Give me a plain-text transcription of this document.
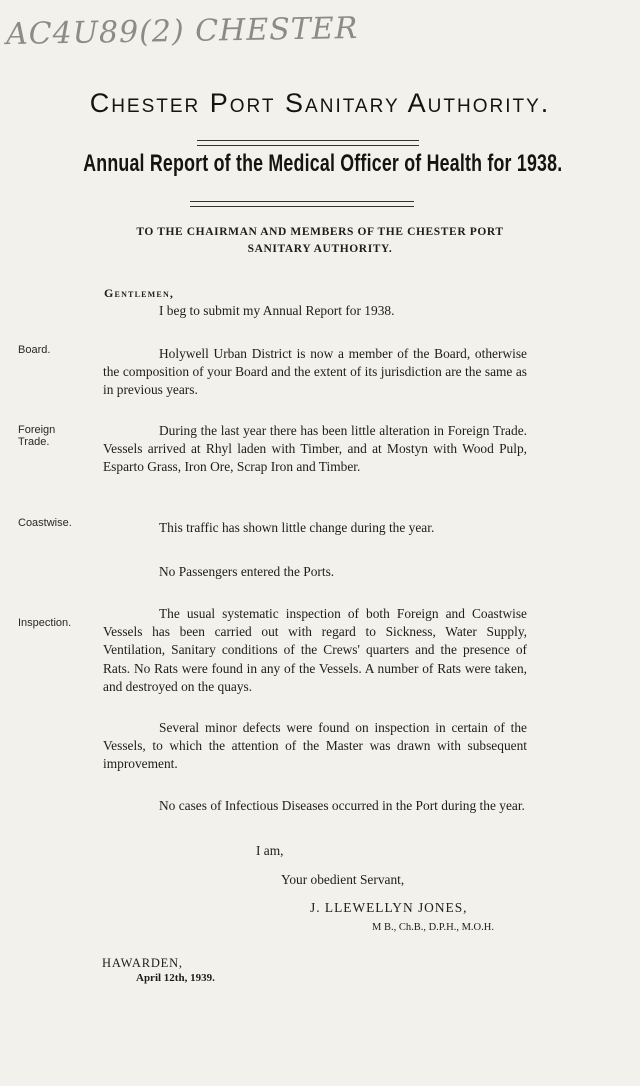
AC4U89(2) CHESTER
Chester Port Sanitary Authority.
Annual Report of the Medical Officer of Health for 1938.
TO THE CHAIRMAN AND MEMBERS OF THE CHESTER PORT
SANITARY AUTHORITY.
Gentlemen,
I beg to submit my Annual Report for 1938.
Board.	Holywell Urban District is now a member of the Board, otherwise the composition of your Board and the extent of its jurisdiction are the same as in previous years.
Foreign Trade.
During the last year there has been little alteration in Foreign Trade. Vessels arrived at Rhyl laden with Timber, and at Mostyn with Wood Pulp, Esparto Grass, Iron Ore, Scrap Iron and Timber.
Coastwise.	This traffic has shown little change during the year.
No Passengers entered the Ports.
Inspection.
The usual systematic inspection of both Foreign and Coastwise Vessels has been carried out with regard to Sickness, Water Supply, Ventilation, Sanitary conditions of the Crews' quarters and the presence of Rats. No Rats were found in any of the Vessels. A number of Rats were taken, and destroyed on the quays.
Several minor defects were found on inspection in certain of the Vessels, to which the attention of the Master was drawn with subsequent improvement.
No cases of Infectious Diseases occurred in the Port during the year.
I am,
Your obedient Servant,
J. LLEWELLYN JONES,
M B., Ch.B., D.P.H., M.O.H.
HAWARDEN,
April 12th, 1939.
